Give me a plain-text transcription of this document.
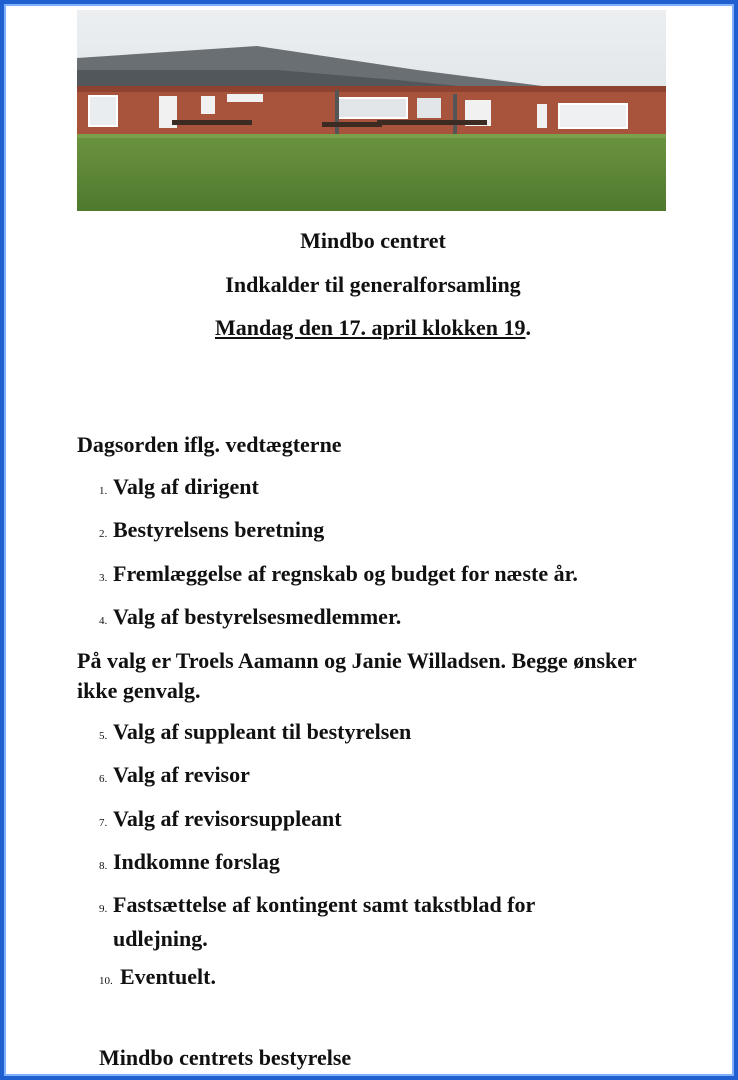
Mindbo centret
Indkalder til generalforsamling
Mandag den 17. april klokken 19.
Dagsorden iflg. vedtægterne
1. Valg af dirigent
2. Bestyrelsens beretning
3. Fremlæggelse af regnskab og budget for næste år.
4. Valg af bestyrelsesmedlemmer.
På valg er Troels Aamann og Janie Willadsen. Begge ønsker ikke genvalg.
5. Valg af suppleant til bestyrelsen
6. Valg af revisor
7. Valg af revisorsuppleant
8. Indkomne forslag
9. Fastsættelse af kontingent samt takstblad for
udlejning.
10. Eventuelt.
Mindbo centrets bestyrelse
